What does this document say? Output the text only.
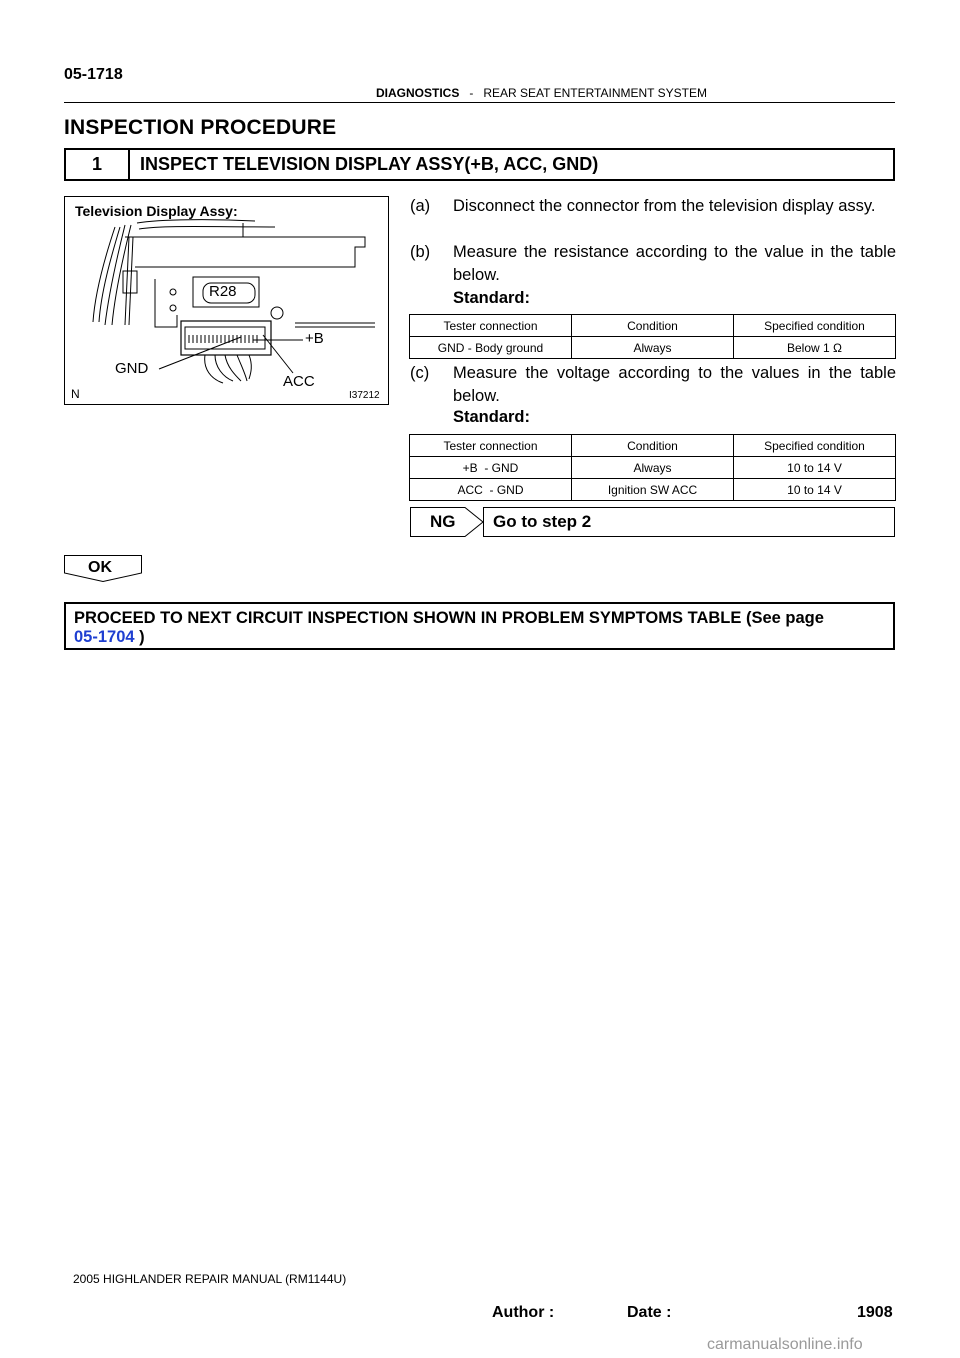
05-1718
DIAGNOSTICS - REAR SEAT ENTERTAINMENT SYSTEM
INSPECTION PROCEDURE
1	INSPECT TELEVISION DISPLAY ASSY(+B, ACC, GND)
Television Display Assy:
R28
+B
GND
ACC
N	I37212
(a) Disconnect the connector from the television display assy.
(b) Measure the resistance according to the value in the table below.
Standard:
Tester connection	Condition	Specified condition
GND - Body ground	Always	Below 1 Ω
(c) Measure the voltage according to the values in the table below.
Standard:
Tester connection	Condition	Specified condition
+B  - GND	Always	10 to 14 V
ACC  - GND	Ignition SW ACC	10 to 14 V
NG	Go to step 2
OK
PROCEED TO NEXT CIRCUIT INSPECTION SHOWN IN PROBLEM SYMPTOMS TABLE (See page
05-1704 )
2005 HIGHLANDER REPAIR MANUAL (RM1144U)
Author :	Date :	1908
carmanualsonline.info
